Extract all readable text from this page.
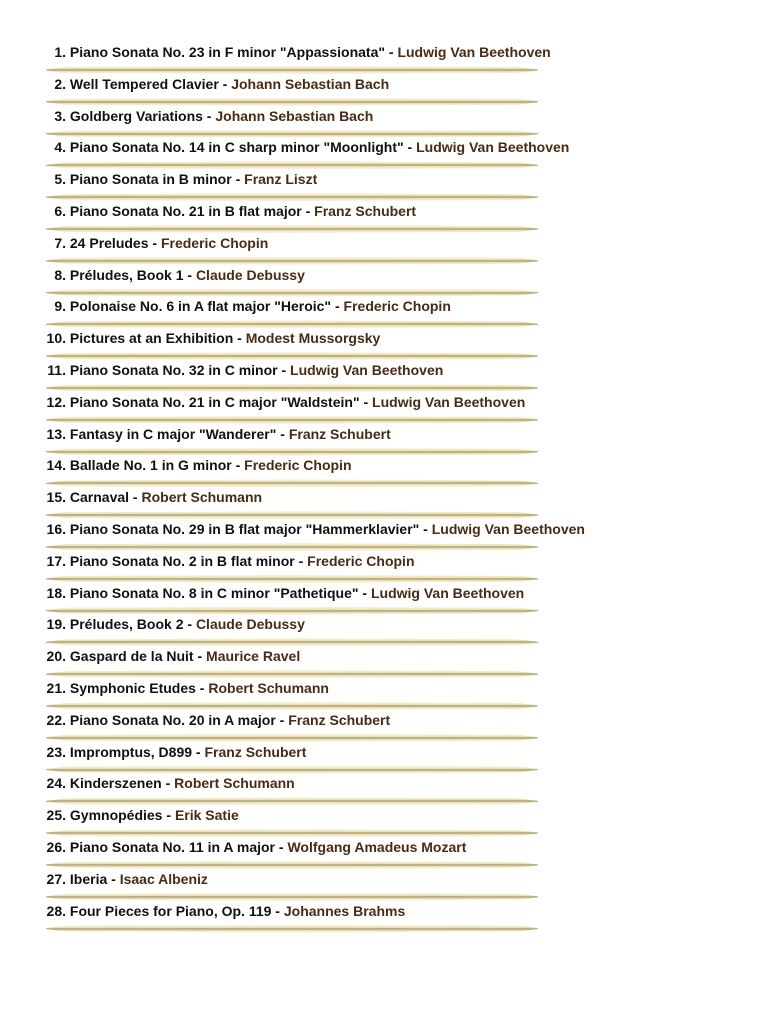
1. Piano Sonata No. 23 in F minor "Appassionata" - Ludwig Van Beethoven
2. Well Tempered Clavier - Johann Sebastian Bach
3. Goldberg Variations - Johann Sebastian Bach
4. Piano Sonata No. 14 in C sharp minor "Moonlight" - Ludwig Van Beethoven
5. Piano Sonata in B minor - Franz Liszt
6. Piano Sonata No. 21 in B flat major - Franz Schubert
7. 24 Preludes - Frederic Chopin
8. Préludes, Book 1 - Claude Debussy
9. Polonaise No. 6 in A flat major "Heroic" - Frederic Chopin
10. Pictures at an Exhibition - Modest Mussorgsky
11. Piano Sonata No. 32 in C minor - Ludwig Van Beethoven
12. Piano Sonata No. 21 in C major "Waldstein" - Ludwig Van Beethoven
13. Fantasy in C major "Wanderer" - Franz Schubert
14. Ballade No. 1 in G minor - Frederic Chopin
15. Carnaval - Robert Schumann
16. Piano Sonata No. 29 in B flat major "Hammerklavier" - Ludwig Van Beethoven
17. Piano Sonata No. 2 in B flat minor - Frederic Chopin
18. Piano Sonata No. 8 in C minor "Pathetique" - Ludwig Van Beethoven
19. Préludes, Book 2 - Claude Debussy
20. Gaspard de la Nuit - Maurice Ravel
21. Symphonic Etudes - Robert Schumann
22. Piano Sonata No. 20 in A major - Franz Schubert
23. Impromptus, D899 - Franz Schubert
24. Kinderszenen - Robert Schumann
25. Gymnopédies - Erik Satie
26. Piano Sonata No. 11 in A major - Wolfgang Amadeus Mozart
27. Iberia - Isaac Albeniz
28. Four Pieces for Piano, Op. 119 - Johannes Brahms
